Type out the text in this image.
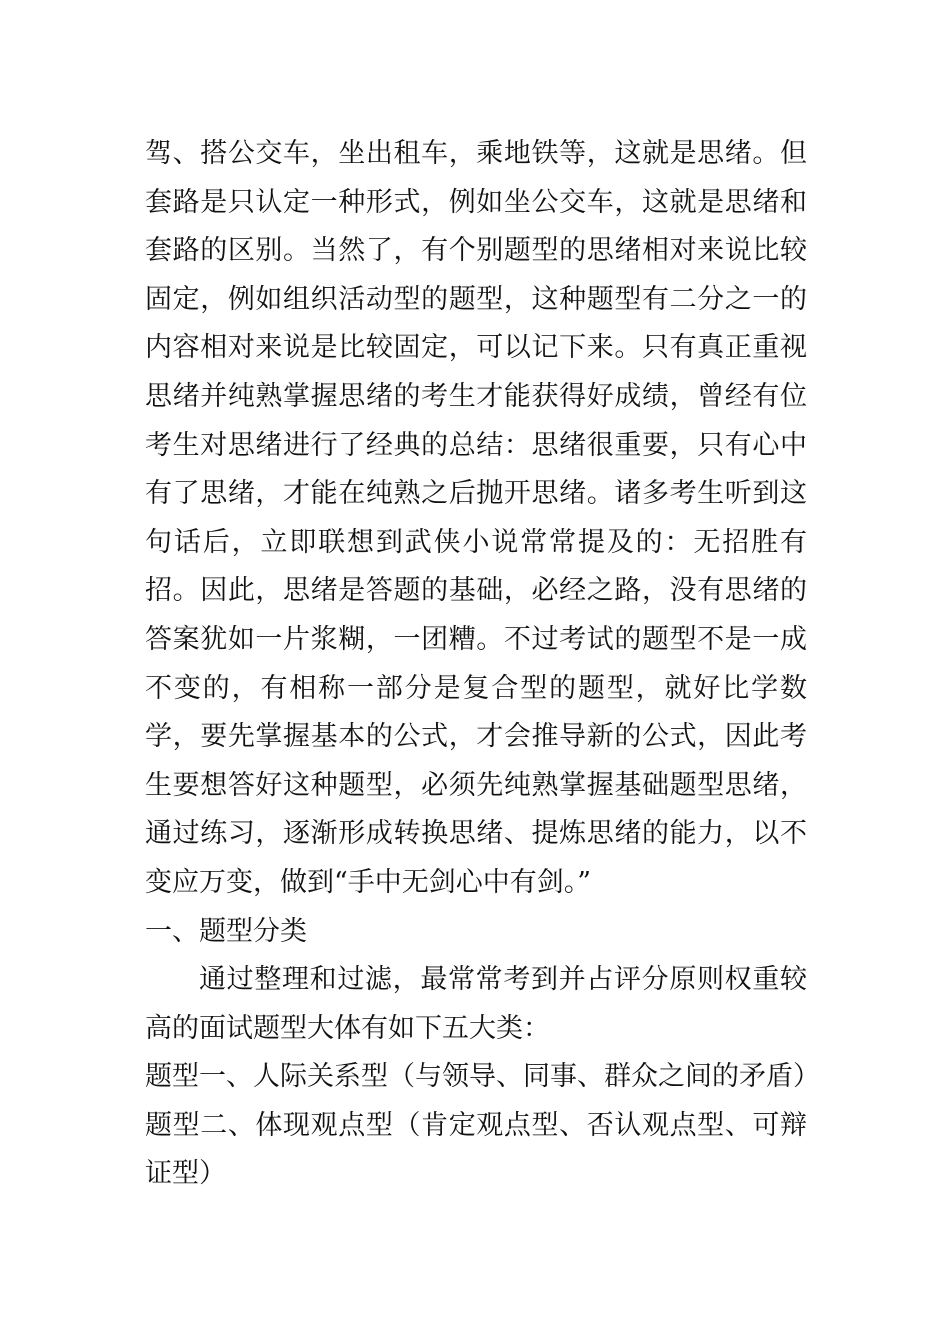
驾、搭公交车，坐出租车，乘地铁等，这就是思绪。但套路是只认定一种形式，例如坐公交车，这就是思绪和套路的区别。当然了，有个别题型的思绪相对来说比较固定，例如组织活动型的题型，这种题型有二分之一的内容相对来说是比较固定，可以记下来。只有真正重视思绪并纯熟掌握思绪的考生才能获得好成绩，曾经有位考生对思绪进行了经典的总结：思绪很重要，只有心中有了思绪，才能在纯熟之后抛开思绪。诸多考生听到这句话后，立即联想到武侠小说常常提及的：无招胜有招。因此，思绪是答题的基础，必经之路，没有思绪的答案犹如一片浆糊，一团糟。不过考试的题型不是一成不变的，有相称一部分是复合型的题型，就好比学数学，要先掌握基本的公式，才会推导新的公式，因此考生要想答好这种题型，必须先纯熟掌握基础题型思绪，通过练习，逐渐形成转换思绪、提炼思绪的能力，以不变应万变，做到“手中无剑心中有剑。”

一、题型分类

通过整理和过滤，最常常考到并占评分原则权重较高的面试题型大体有如下五大类：

题型一、人际关系型（与领导、同事、群众之间的矛盾）

题型二、体现观点型（肯定观点型、否认观点型、可辩证型）
